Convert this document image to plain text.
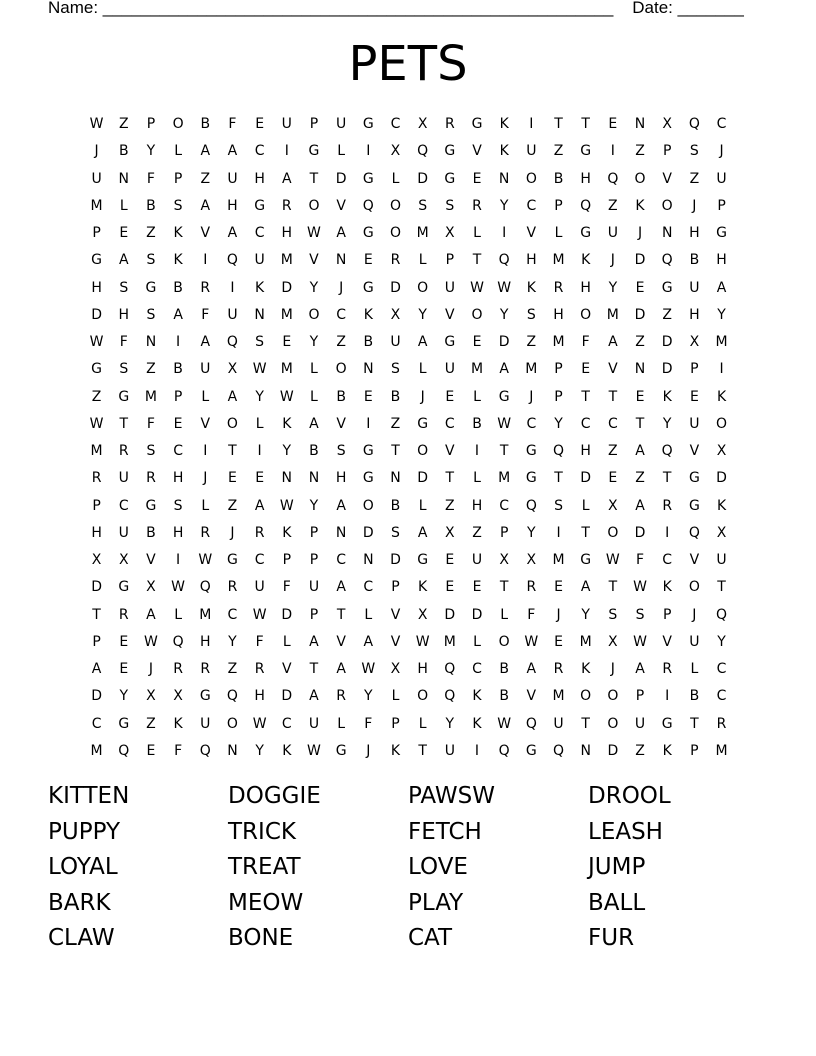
Name: ______________________________________________________ Date: _______
PETS
W	Z	P	O	B	F	E	U	P	U	G	C	X	R	G	K	I	T	T	E	N	X	Q	C
J	B	Y	L	A	A	C	I	G	L	I	X	Q	G	V	K	U	Z	G	I	Z	P	S	J
U	N	F	P	Z	U	H	A	T	D	G	L	D	G	E	N	O	B	H	Q	O	V	Z	U
M	L	B	S	A	H	G	R	O	V	Q	O	S	S	R	Y	C	P	Q	Z	K	O	J	P
P	E	Z	K	V	A	C	H	W	A	G	O	M	X	L	I	V	L	G	U	J	N	H	G
G	A	S	K	I	Q	U	M	V	N	E	R	L	P	T	Q	H	M	K	J	D	Q	B	H
H	S	G	B	R	I	K	D	Y	J	G	D	O	U	W W	K	R	H	Y	E	G	U	A
D	H	S	A	F	U	N	M	O	C	K	X	Y	V	O	Y	S	H	O	M	D	Z	H	Y
W	F	N	I	A	Q	S	E	Y	Z	B	U	A	G	E	D	Z	M	F	A	Z	D	X	M
G	S	Z	B	U	X	W	M	L	O	N	S	L	U	M	A	M	P	E	V	N	D	P	I
Z	G	M	P	L	A	Y	W	L	B	E	B	J	E	L	G	J	P	T	T	E	K	E	K
W	T	F	E	V	O	L	K	A	V	I	Z	G	C	B	W	C	Y	C	C	T	Y	U	O
M	R	S	C	I	T	I	Y	B	S	G	T	O	V	I	T	G	Q	H	Z	A	Q	V	X
R	U	R	H	J	E	E	N	N	H	G	N	D	T	L	M	G	T	D	E	Z	T	G	D
P	C	G	S	L	Z	A	W	Y	A	O	B	L	Z	H	C	Q	S	L	X	A	R	G	K
H	U	B	H	R	J	R	K	P	N	D	S	A	X	Z	P	Y	I	T	O	D	I	Q	X
X	X	V	I	W	G	C	P	P	C	N	D	G	E	U	X	X	M	G	W	F	C	V	U
D	G	X	W	Q	R	U	F	U	A	C	P	K	E	E	T	R	E	A	T	W	K	O	T
T	R	A	L	M	C	W	D	P	T	L	V	X	D	D	L	F	J	Y	S	S	P	J	Q
P	E	W	Q	H	Y	F	L	A	V	A	V	W	M	L	O	W	E	M	X	W	V	U	Y
A	E	J	R	R	Z	R	V	T	A	W	X	H	Q	C	B	A	R	K	J	A	R	L	C
D	Y	X	X	G	Q	H	D	A	R	Y	L	O	Q	K	B	V	M	O	O	P	I	B	C
C	G	Z	K	U	O	W	C	U	L	F	P	L	Y	K	W	Q	U	T	O	U	G	T	R
M	Q	E	F	Q	N	Y	K	W	G	J	K	T	U	I	Q	G	Q	N	D	Z	K	P	M
KITTEN	DOGGIE	PAWSW	DROOL
PUPPY	TRICK	FETCH	LEASH
LOYAL	TREAT	LOVE	JUMP
BARK	MEOW	PLAY	BALL
CLAW	BONE	CAT	FUR
